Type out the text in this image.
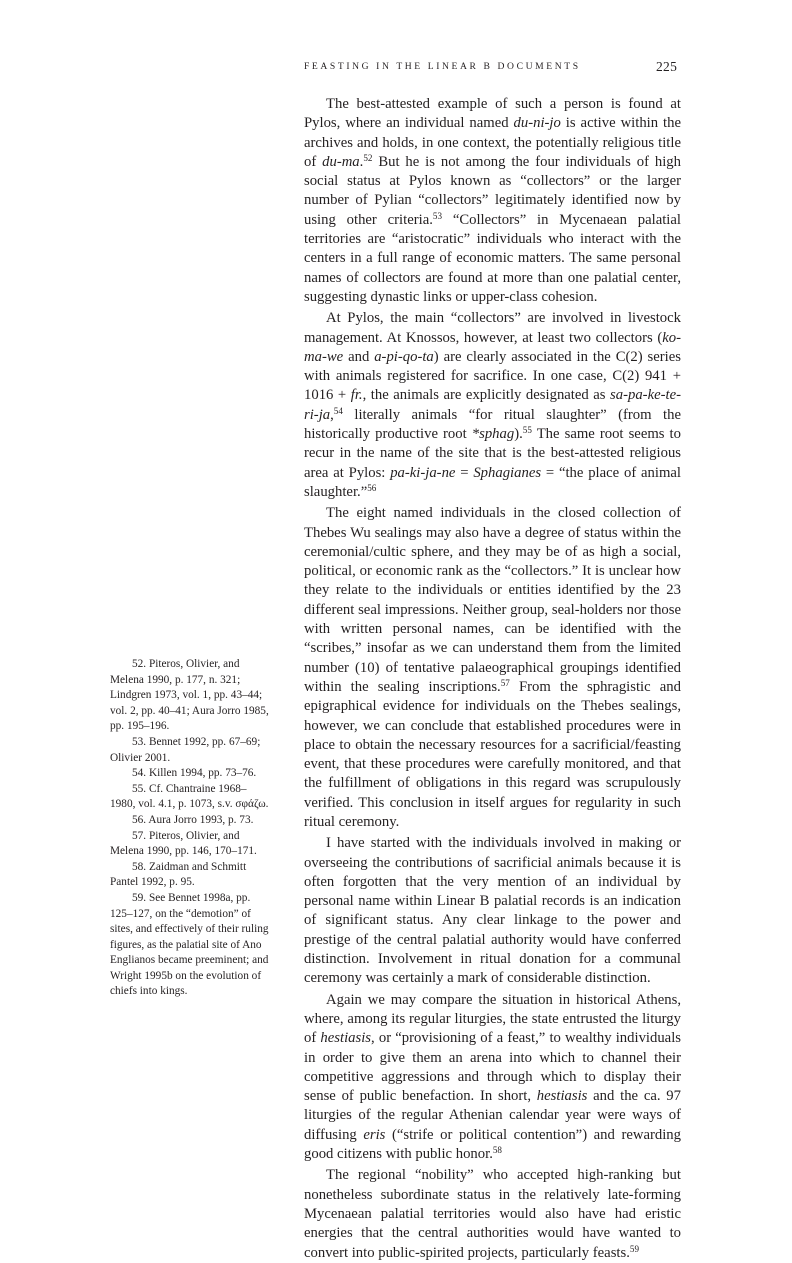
FEASTING IN THE LINEAR B DOCUMENTS	225

The best-attested example of such a person is found at Pylos, where an individual named du-ni-jo is active within the archives and holds, in one context, the potentially religious title of du-ma.$^{52}$ But he is not among the four individuals of high social status at Pylos known as “collectors” or the larger number of Pylian “collectors” legitimately identified now by using other criteria.$^{53}$ “Collectors” in Mycenaean palatial territories are “aristocratic” individuals who interact with the centers in a full range of economic matters. The same personal names of collectors are found at more than one palatial center, suggesting dynastic links or upper-class cohesion.

At Pylos, the main “collectors” are involved in livestock management. At Knossos, however, at least two collectors (ko-ma-we and a-pi-qo-ta) are clearly associated in the C(2) series with animals registered for sacrifice. In one case, C(2) 941 + 1016 + fr., the animals are explicitly designated as sa-pa-ke-te-ri-ja,$^{54}$ literally animals “for ritual slaughter” (from the historically productive root *sphag).$^{55}$ The same root seems to recur in the name of the site that is the best-attested religious area at Pylos: pa-ki-ja-ne = Sphagianes = “the place of animal slaughter.”$^{56}$

The eight named individuals in the closed collection of Thebes Wu sealings may also have a degree of status within the ceremonial/cultic sphere, and they may be of as high a social, political, or economic rank as the “collectors.” It is unclear how they relate to the individuals or entities identified by the 23 different seal impressions. Neither group, seal-holders nor those with written personal names, can be identified with the “scribes,” insofar as we can understand them from the limited number (10) of tentative palaeographical groupings identified within the sealing inscriptions.$^{57}$ From the sphragistic and epigraphical evidence for individuals on the Thebes sealings, however, we can conclude that established procedures were in place to obtain the necessary resources for a sacrificial/feasting event, that these procedures were carefully monitored, and that the fulfillment of obligations in this regard was scrupulously verified. This conclusion in itself argues for regularity in such ritual ceremony.

I have started with the individuals involved in making or overseeing the contributions of sacrificial animals because it is often forgotten that the very mention of an individual by personal name within Linear B palatial records is an indication of significant status. Any clear linkage to the power and prestige of the central palatial authority would have conferred distinction. Involvement in ritual donation for a communal ceremony was certainly a mark of considerable distinction.

Again we may compare the situation in historical Athens, where, among its regular liturgies, the state entrusted the liturgy of hestiasis, or “provisioning of a feast,” to wealthy individuals in order to give them an arena into which to channel their competitive aggressions and through which to display their sense of public benefaction. In short, hestiasis and the ca. 97 liturgies of the regular Athenian calendar year were ways of diffusing eris (“strife or political contention”) and rewarding good citizens with public honor.$^{58}$

The regional “nobility” who accepted high-ranking but nonetheless subordinate status in the relatively late-forming Mycenaean palatial territories would also have had eristic energies that the central authorities would have wanted to convert into public-spirited projects, particularly feasts.$^{59}$

52. Piteros, Olivier, and Melena 1990, p. 177, n. 321; Lindgren 1973, vol. 1, pp. 43–44; vol. 2, pp. 40–41; Aura Jorro 1985, pp. 195–196.

53. Bennet 1992, pp. 67–69; Olivier 2001.

54. Killen 1994, pp. 73–76.

55. Cf. Chantraine 1968–1980, vol. 4.1, p. 1073, s.v. σφάζω.

56. Aura Jorro 1993, p. 73.

57. Piteros, Olivier, and Melena 1990, pp. 146, 170–171.

58. Zaidman and Schmitt Pantel 1992, p. 95.

59. See Bennet 1998a, pp. 125–127, on the “demotion” of sites, and effectively of their ruling figures, as the palatial site of Ano Englianos became preeminent; and Wright 1995b on the evolution of chiefs into kings.
